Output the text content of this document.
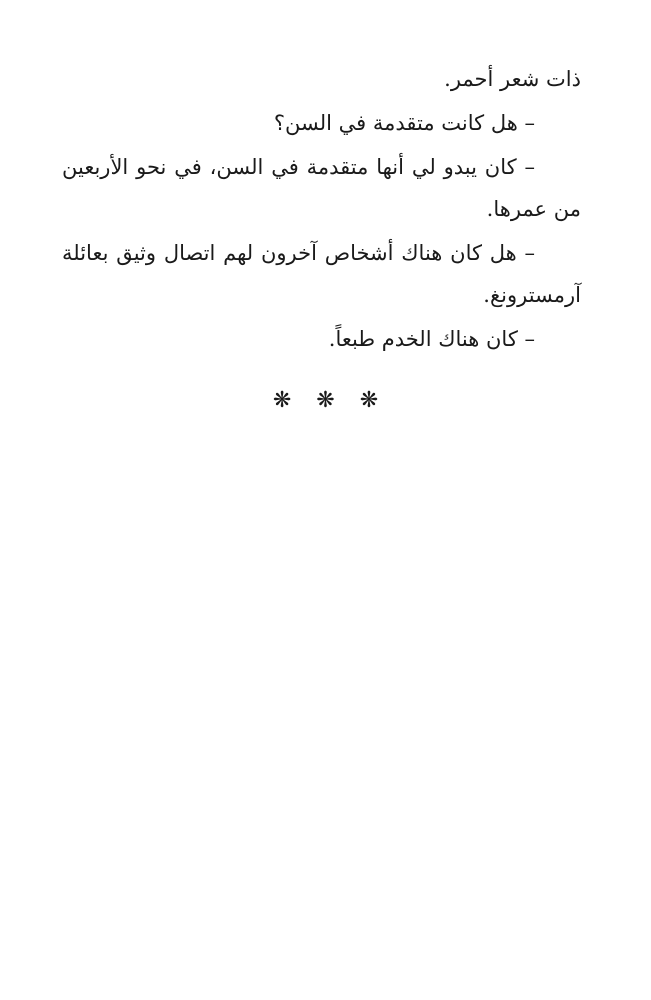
ذات شعر أحمر.

– هل كانت متقدمة في السن؟

– كان يبدو لي أنها متقدمة في السن، في نحو الأربعين من عمرها.

– هل كان هناك أشخاص آخرون لهم اتصال وثيق بعائلة آرمسترونغ.

– كان هناك الخدم طبعاً.

❋ ❋ ❋
